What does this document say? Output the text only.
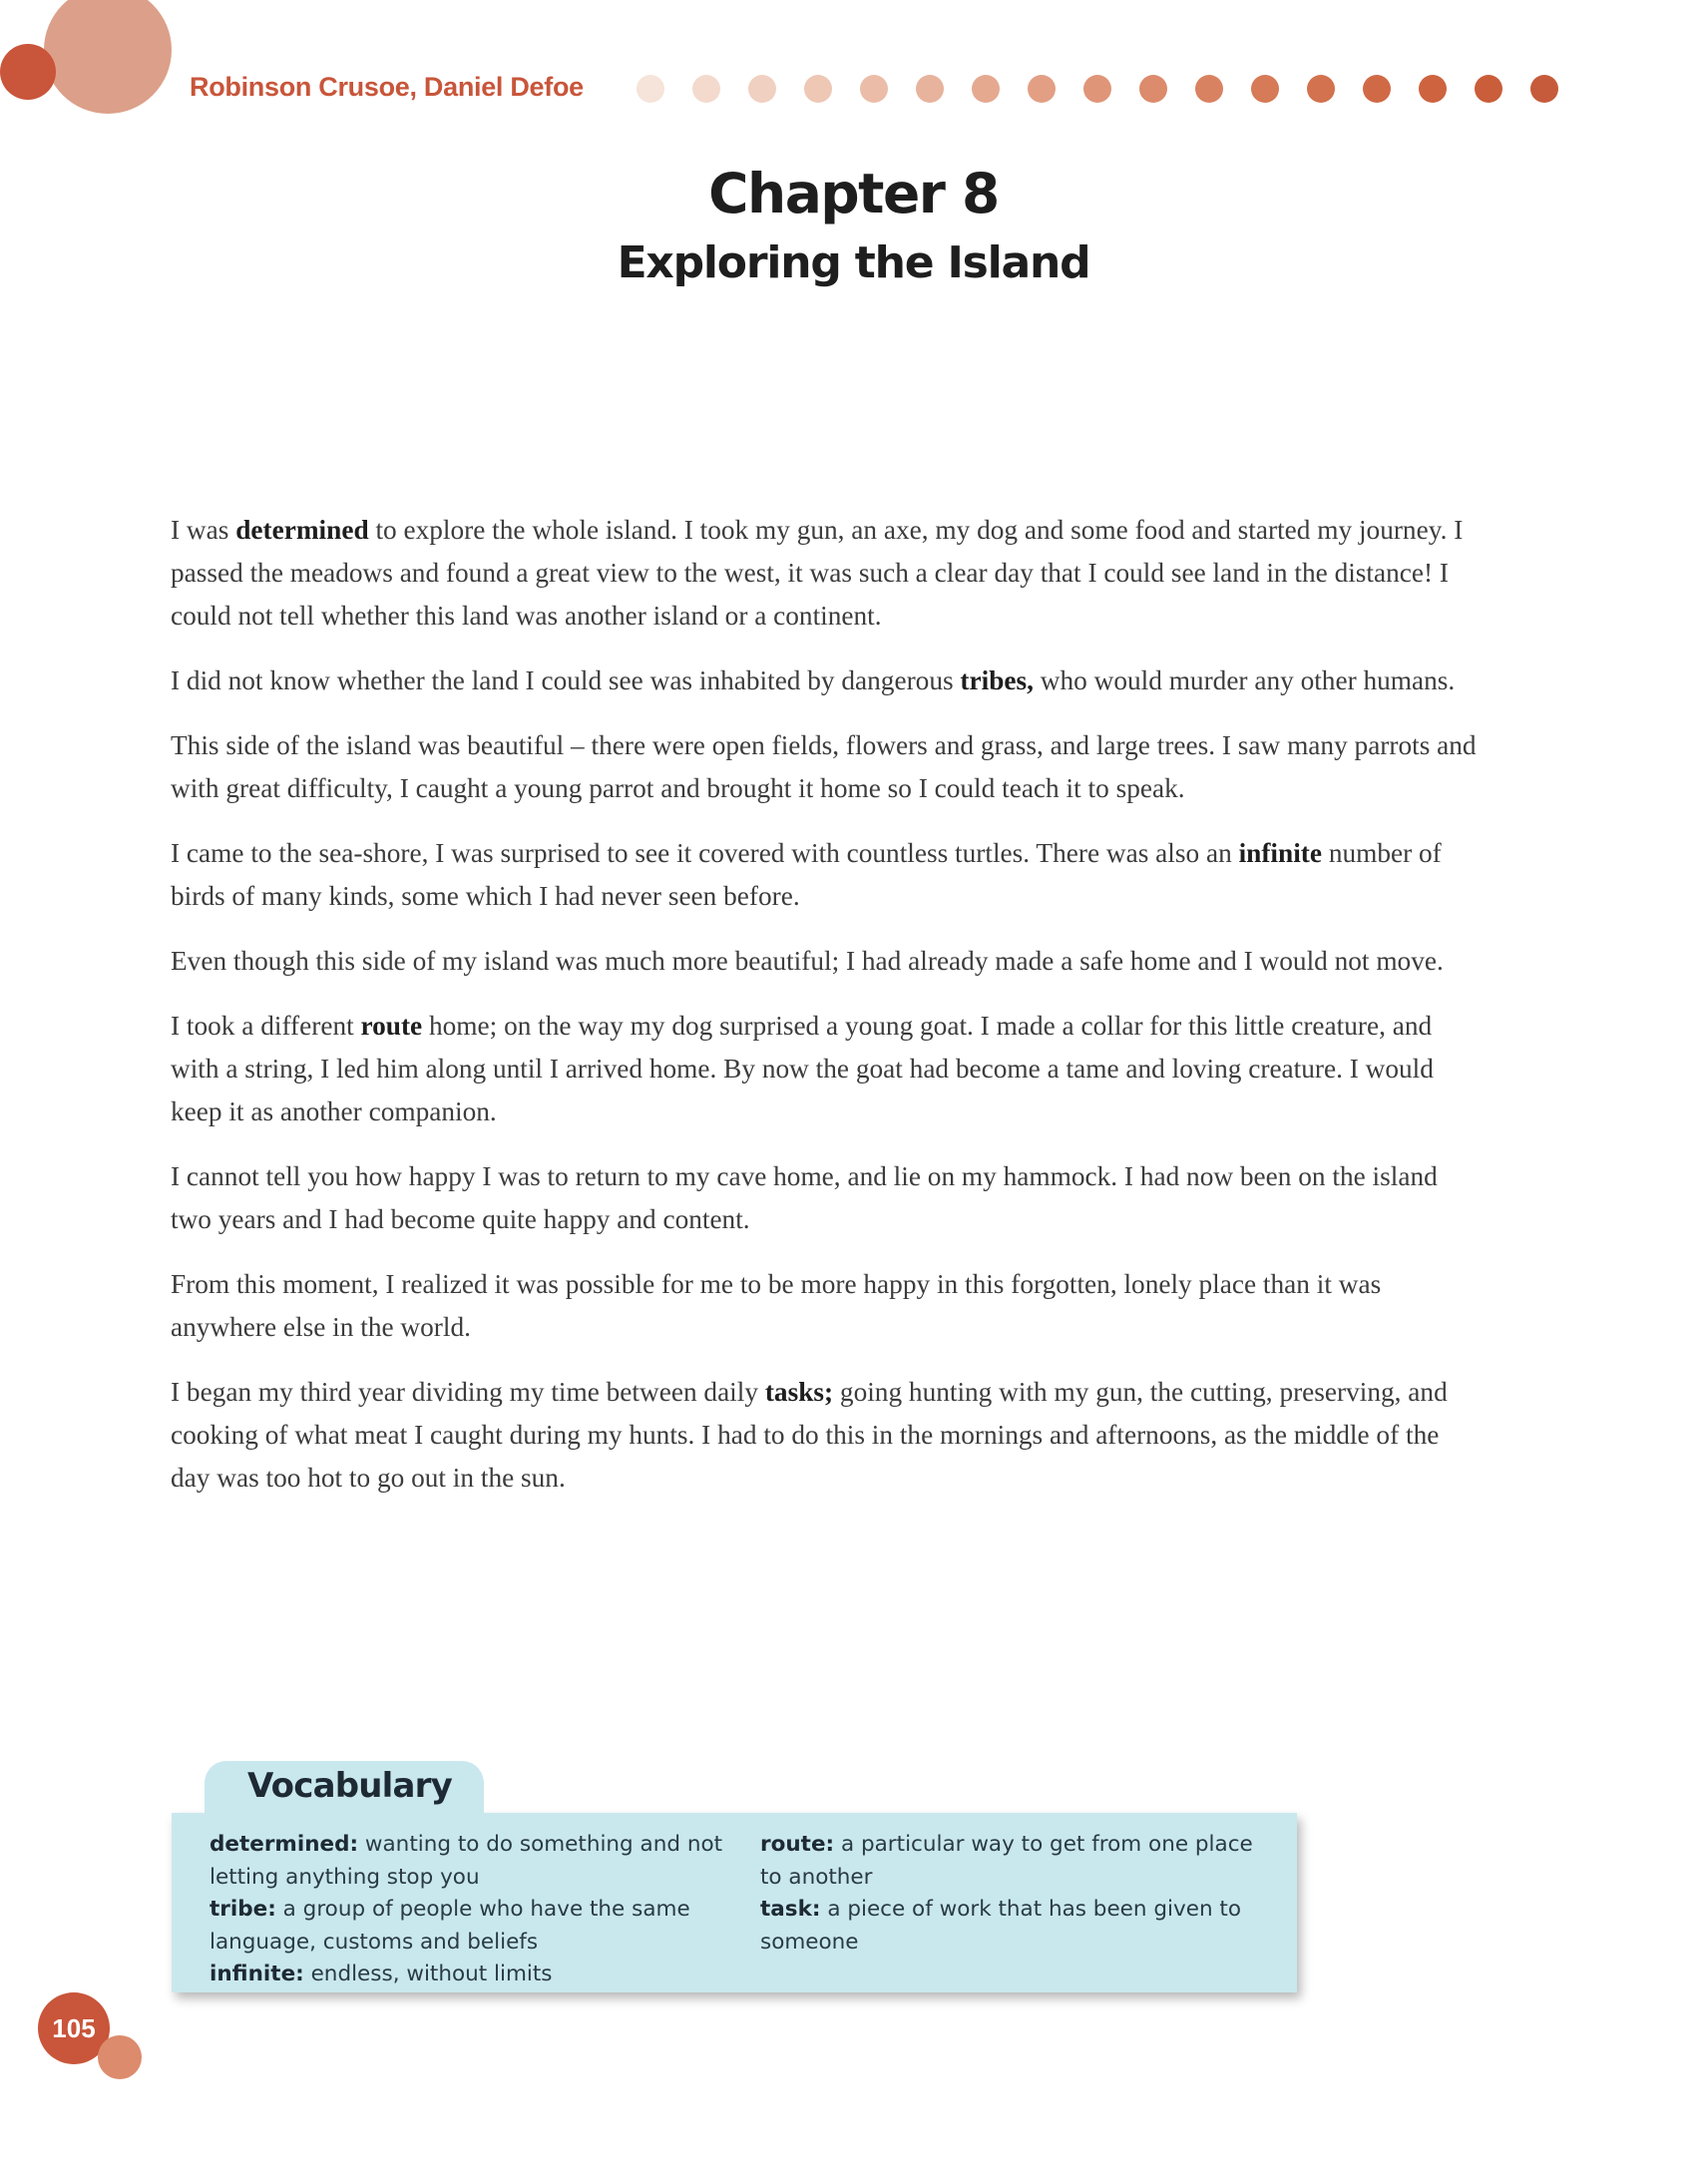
Robinson Crusoe, Daniel Defoe
Chapter 8
Exploring the Island

I was determined to explore the whole island. I took my gun, an axe, my dog and some food and started my journey. I passed the meadows and found a great view to the west, it was such a clear day that I could see land in the distance! I could not tell whether this land was another island or a continent.

I did not know whether the land I could see was inhabited by dangerous tribes, who would murder any other humans.

This side of the island was beautiful – there were open fields, flowers and grass, and large trees. I saw many parrots and with great difficulty, I caught a young parrot and brought it home so I could teach it to speak.

I came to the sea-shore, I was surprised to see it covered with countless turtles. There was also an infinite number of birds of many kinds, some which I had never seen before.

Even though this side of my island was much more beautiful; I had already made a safe home and I would not move.

I took a different route home; on the way my dog surprised a young goat. I made a collar for this little creature, and with a string, I led him along until I arrived home. By now the goat had become a tame and loving creature. I would keep it as another companion.

I cannot tell you how happy I was to return to my cave home, and lie on my hammock. I had now been on the island two years and I had become quite happy and content.

From this moment, I realized it was possible for me to be more happy in this forgotten, lonely place than it was anywhere else in the world.

I began my third year dividing my time between daily tasks; going hunting with my gun, the cutting, preserving, and cooking of what meat I caught during my hunts. I had to do this in the mornings and afternoons, as the middle of the day was too hot to go out in the sun.

Vocabulary
determined: wanting to do something and not letting anything stop you
tribe: a group of people who have the same language, customs and beliefs
infinite: endless, without limits
route: a particular way to get from one place to another
task: a piece of work that has been given to someone
105
